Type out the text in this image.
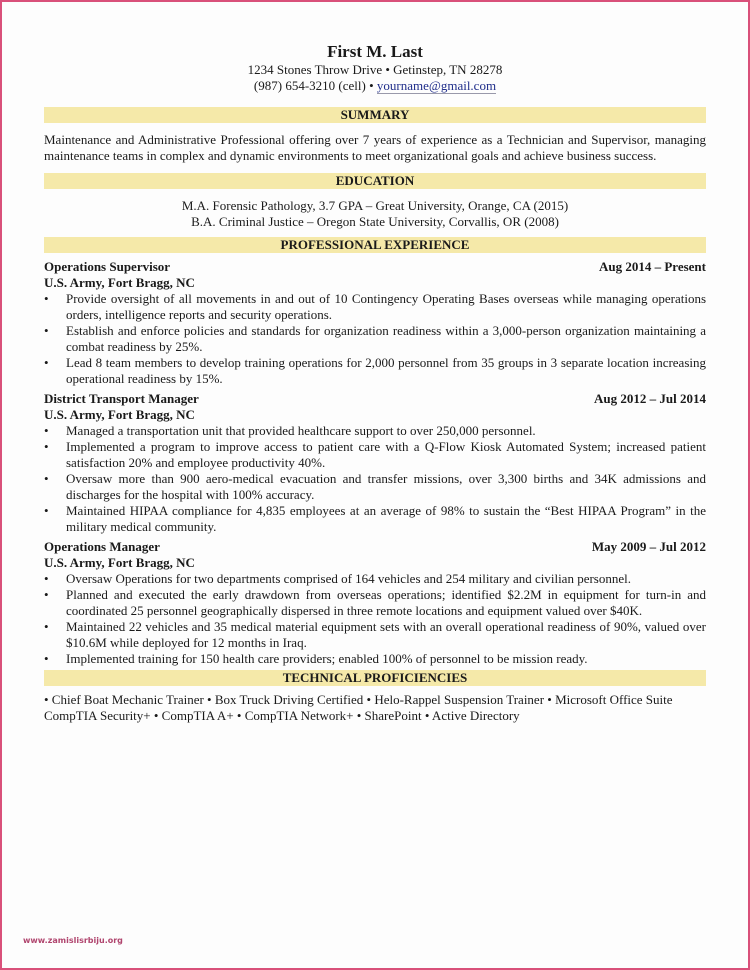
First M. Last
1234 Stones Throw Drive • Getinstep, TN 28278
(987) 654-3210 (cell) • yourname@gmail.com
SUMMARY
Maintenance and Administrative Professional offering over 7 years of experience as a Technician and Supervisor, managing maintenance teams in complex and dynamic environments to meet organizational goals and achieve business success.
EDUCATION
M.A. Forensic Pathology, 3.7 GPA – Great University, Orange, CA (2015)
B.A. Criminal Justice – Oregon State University, Corvallis, OR (2008)
PROFESSIONAL EXPERIENCE
Operations Supervisor	Aug 2014 – Present
U.S. Army, Fort Bragg, NC
• Provide oversight of all movements in and out of 10 Contingency Operating Bases overseas while managing operations orders, intelligence reports and security operations.
• Establish and enforce policies and standards for organization readiness within a 3,000-person organization maintaining a combat readiness by 25%.
• Lead 8 team members to develop training operations for 2,000 personnel from 35 groups in 3 separate location increasing operational readiness by 15%.
District Transport Manager	Aug 2012 – Jul 2014
U.S. Army, Fort Bragg, NC
• Managed a transportation unit that provided healthcare support to over 250,000 personnel.
• Implemented a program to improve access to patient care with a Q-Flow Kiosk Automated System; increased patient satisfaction 20% and employee productivity 40%.
• Oversaw more than 900 aero-medical evacuation and transfer missions, over 3,300 births and 34K admissions and discharges for the hospital with 100% accuracy.
• Maintained HIPAA compliance for 4,835 employees at an average of 98% to sustain the “Best HIPAA Program” in the military medical community.
Operations Manager	May 2009 – Jul 2012
U.S. Army, Fort Bragg, NC
• Oversaw Operations for two departments comprised of 164 vehicles and 254 military and civilian personnel.
• Planned and executed the early drawdown from overseas operations; identified $2.2M in equipment for turn-in and coordinated 25 personnel geographically dispersed in three remote locations and equipment valued over $40K.
• Maintained 22 vehicles and 35 medical material equipment sets with an overall operational readiness of 90%, valued over $10.6M while deployed for 12 months in Iraq.
• Implemented training for 150 health care providers; enabled 100% of personnel to be mission ready.
TECHNICAL PROFICIENCIES
• Chief Boat Mechanic Trainer • Box Truck Driving Certified • Helo-Rappel Suspension Trainer • Microsoft Office Suite
CompTIA Security+ • CompTIA A+ • CompTIA Network+ • SharePoint • Active Directory
www.zamislisrbiju.org
